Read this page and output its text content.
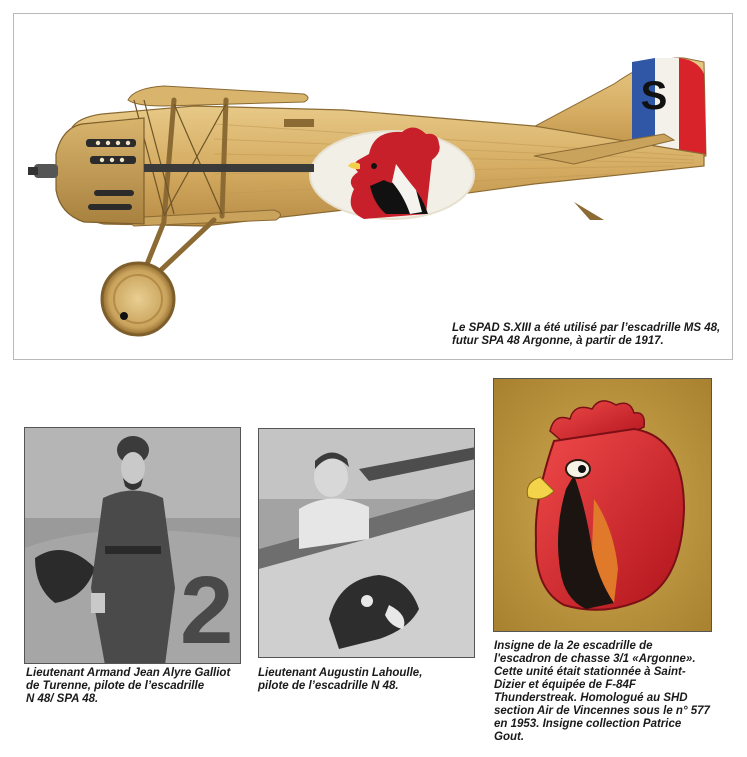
S
Le SPAD S.XIII a été utilisé par l’escadrille MS 48,
futur SPA 48 Argonne, à partir de 1917.
2
Lieutenant Armand Jean Alyre Galliot
de Turenne, pilote de l’escadrille
N 48/ SPA 48.
Lieutenant Augustin Lahoulle,
pilote de l’escadrille N 48.
Insigne de la 2e escadrille de
l'escadron de chasse 3/1 «Argonne».
Cette unité était stationnée à Saint-
Dizier et équipée de F-84F
Thunderstreak. Homologué au SHD
section Air de Vincennes sous le n° 577
en 1953. Insigne collection Patrice
Gout.
